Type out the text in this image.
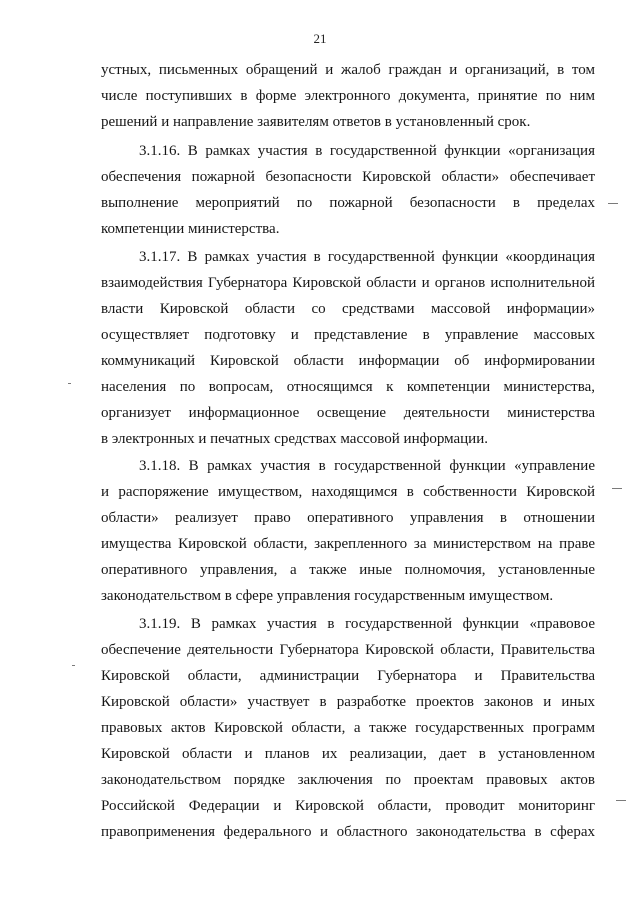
21
устных, письменных обращений и жалоб граждан и организаций, в том
числе поступивших в форме электронного документа, принятие по ним
решений и направление заявителям ответов в установленный срок.
3.1.16. В рамках участия в государственной функции «организация
обеспечения пожарной безопасности Кировской области» обеспечивает
выполнение мероприятий по пожарной безопасности в пределах
компетенции министерства.
3.1.17. В рамках участия в государственной функции «координация
взаимодействия Губернатора Кировской области и органов исполнительной
власти Кировской области со средствами массовой информации»
осуществляет подготовку и представление в управление массовых
коммуникаций Кировской области информации об информировании
населения по вопросам, относящимся к компетенции министерства,
организует информационное освещение деятельности министерства
в электронных и печатных средствах массовой информации.
3.1.18. В рамках участия в государственной функции «управление
и распоряжение имуществом, находящимся в собственности Кировской
области» реализует право оперативного управления в отношении
имущества Кировской области, закрепленного за министерством на праве
оперативного управления, а также иные полномочия, установленные
законодательством в сфере управления государственным имуществом.
3.1.19. В рамках участия в государственной функции «правовое
обеспечение деятельности Губернатора Кировской области, Правительства
Кировской области, администрации Губернатора и Правительства
Кировской области» участвует в разработке проектов законов и иных
правовых актов Кировской области, а также государственных программ
Кировской области и планов их реализации, дает в установленном
законодательством порядке заключения по проектам правовых актов
Российской Федерации и Кировской области, проводит мониторинг
правоприменения федерального и областного законодательства в сферах
